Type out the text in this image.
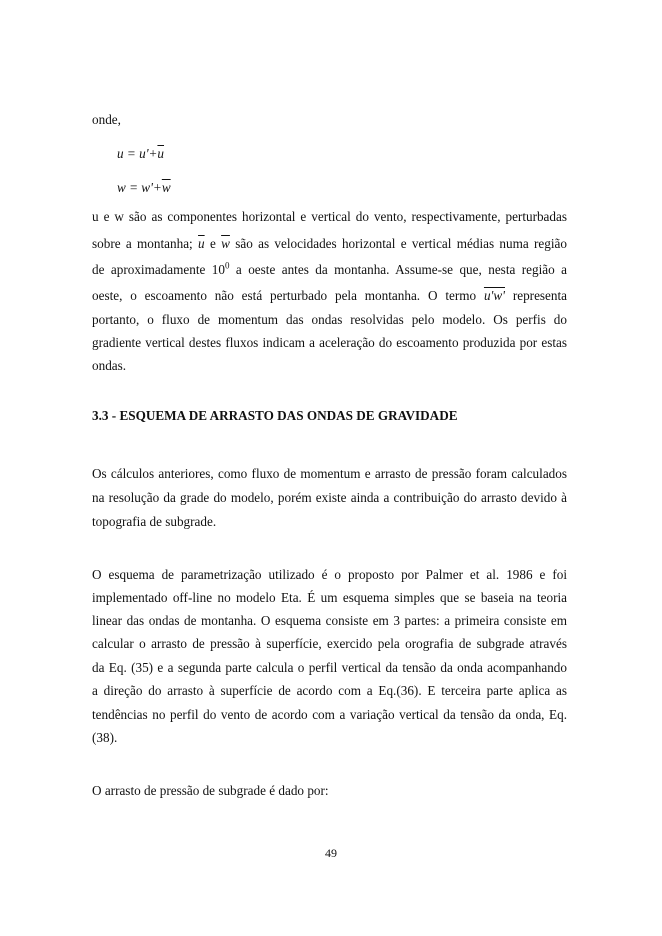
onde,
$u = u'+\overline{u}$
$w = w'+\overline{w}$
u e w são as componentes horizontal e vertical do vento, respectivamente, perturbadas
sobre a montanha; $\overline{u}$ e $\overline{w}$ são as velocidades horizontal e vertical médias numa região
de aproximadamente $10^0$ a oeste antes da montanha. Assume-se que, nesta região a
oeste, o escoamento não está perturbado pela montanha. O termo u'w' representa
portanto, o fluxo de momentum das ondas resolvidas pelo modelo. Os perfis do
gradiente vertical destes fluxos indicam a aceleração do escoamento produzida por estas
ondas.
3.3 - ESQUEMA DE ARRASTO DAS ONDAS DE GRAVIDADE
Os cálculos anteriores, como fluxo de momentum e arrasto de pressão foram calculados
na resolução da grade do modelo, porém existe ainda a contribuição do arrasto devido à
topografia de subgrade.
O esquema de parametrização utilizado é o proposto por Palmer et al. 1986 e foi
implementado off-line no modelo Eta. É um esquema simples que se baseia na teoria
linear das ondas de montanha. O esquema consiste em 3 partes: a primeira consiste em
calcular o arrasto de pressão à superfície, exercido pela orografia de subgrade através
da Eq. (35) e a segunda parte calcula o perfil vertical da tensão da onda acompanhando
a direção do arrasto à superfície de acordo com a Eq.(36). E terceira parte aplica as
tendências no perfil do vento de acordo com a variação vertical da tensão da onda, Eq.
(38).
O arrasto de pressão de subgrade é dado por:
49
